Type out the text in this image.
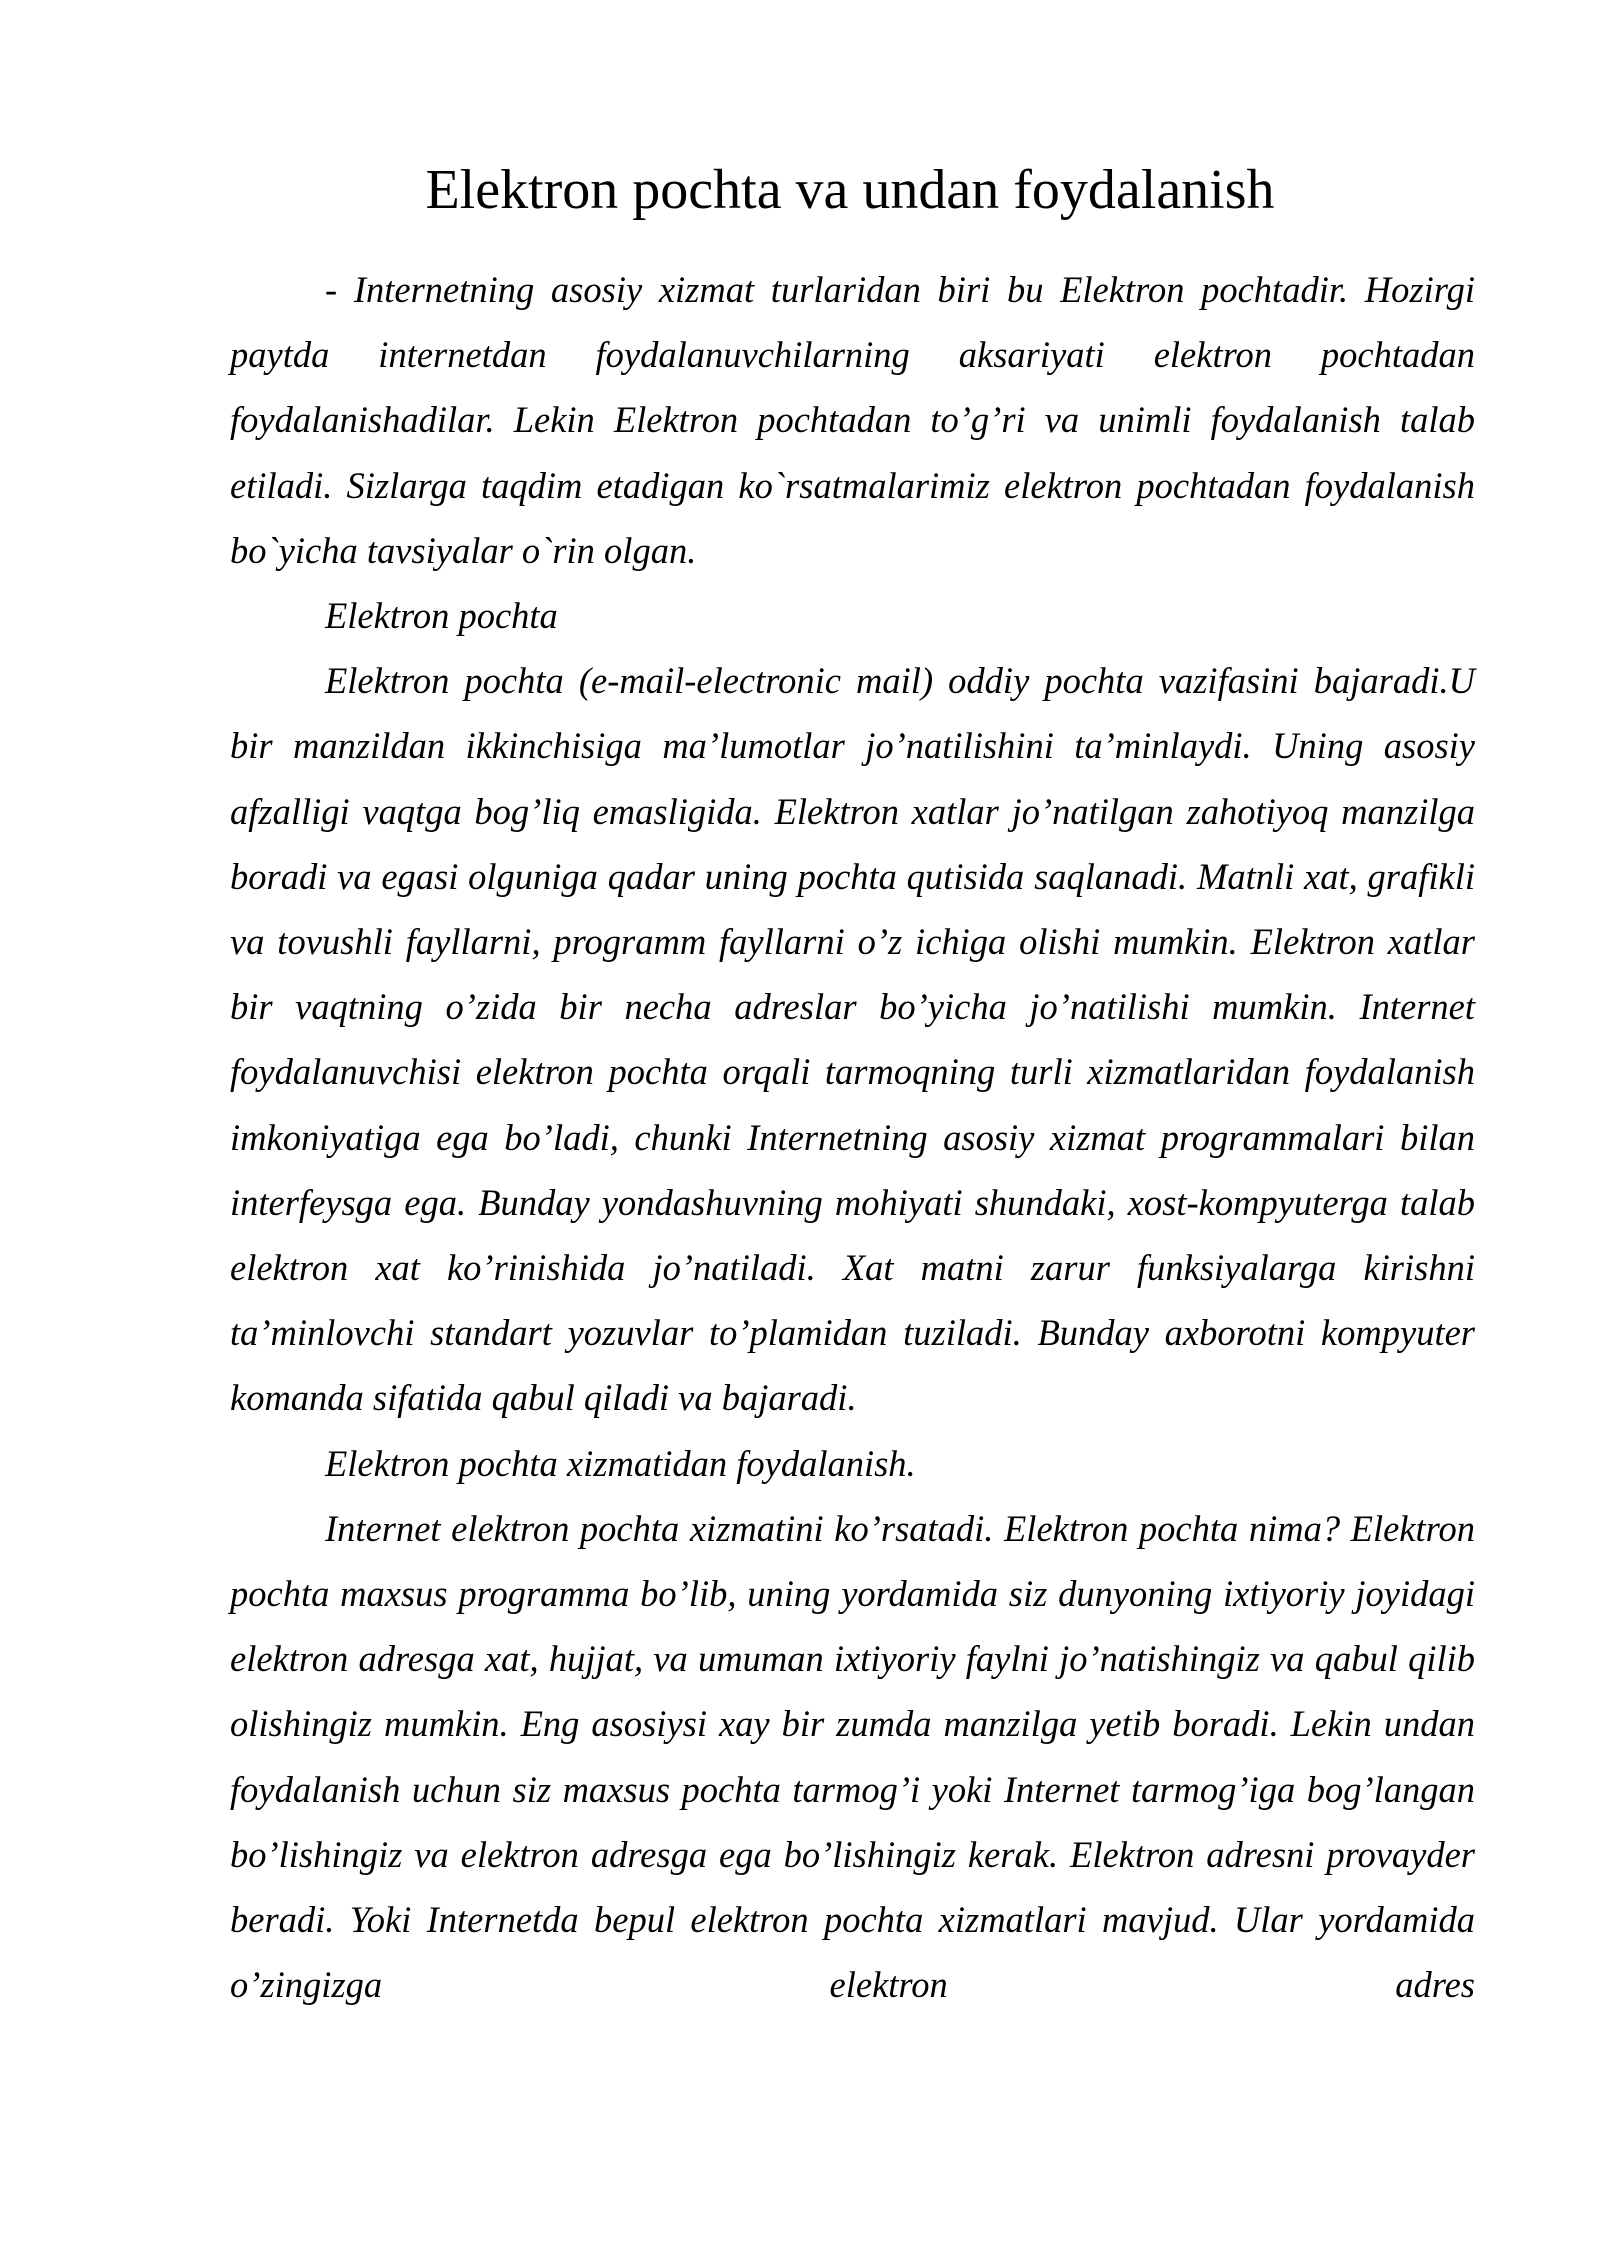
Elektron pochta va undan foydalanish

- Internetning asosiy xizmat turlaridan biri bu Elektron pochtadir. Hozirgi paytda internetdan foydalanuvchilarning aksariyati elektron pochtadan foydalanishadilar. Lekin Elektron pochtadan to’g’ri va unimli foydalanish talab etiladi. Sizlarga taqdim etadigan ko`rsatmalarimiz elektron pochtadan foydalanish bo`yicha tavsiyalar o`rin olgan.

Elektron pochta

Elektron pochta (e-mail-electronic mail) oddiy pochta vazifasini bajaradi.U bir manzildan ikkinchisiga ma’lumotlar jo’natilishini ta’minlaydi. Uning asosiy afzalligi vaqtga bog’liq emasligida. Elektron xatlar jo’natilgan zahotiyoq manzilga boradi va egasi olguniga qadar uning pochta qutisida saqlanadi. Matnli xat, grafikli va tovushli fayllarni, programm fayllarni o’z ichiga olishi mumkin. Elektron xatlar bir vaqtning o’zida bir necha adreslar bo’yicha jo’natilishi mumkin. Internet foydalanuvchisi elektron pochta orqali tarmoqning turli xizmatlaridan foydalanish imkoniyatiga ega bo’ladi, chunki Internetning asosiy xizmat programmalari bilan interfeysga ega. Bunday yondashuvning mohiyati shundaki, xost-kompyuterga talab elektron xat ko’rinishida jo’natiladi. Xat matni zarur funksiyalarga kirishni ta’minlovchi standart yozuvlar to’plamidan tuziladi. Bunday axborotni kompyuter komanda sifatida qabul qiladi va bajaradi.

Elektron pochta xizmatidan foydalanish.

Internet elektron pochta xizmatini ko’rsatadi. Elektron pochta nima? Elektron pochta maxsus programma bo’lib, uning yordamida siz dunyoning ixtiyoriy joyidagi elektron adresga xat, hujjat, va umuman ixtiyoriy faylni jo’natishingiz va qabul qilib olishingiz mumkin. Eng asosiysi xay bir zumda manzilga yetib boradi. Lekin undan foydalanish uchun siz maxsus pochta tarmog’i yoki Internet tarmog’iga bog’langan bo’lishingiz va elektron adresga ega bo’lishingiz kerak. Elektron adresni provayder beradi. Yoki Internetda bepul elektron pochta xizmatlari mavjud. Ular yordamida o’zingizga elektron adres
